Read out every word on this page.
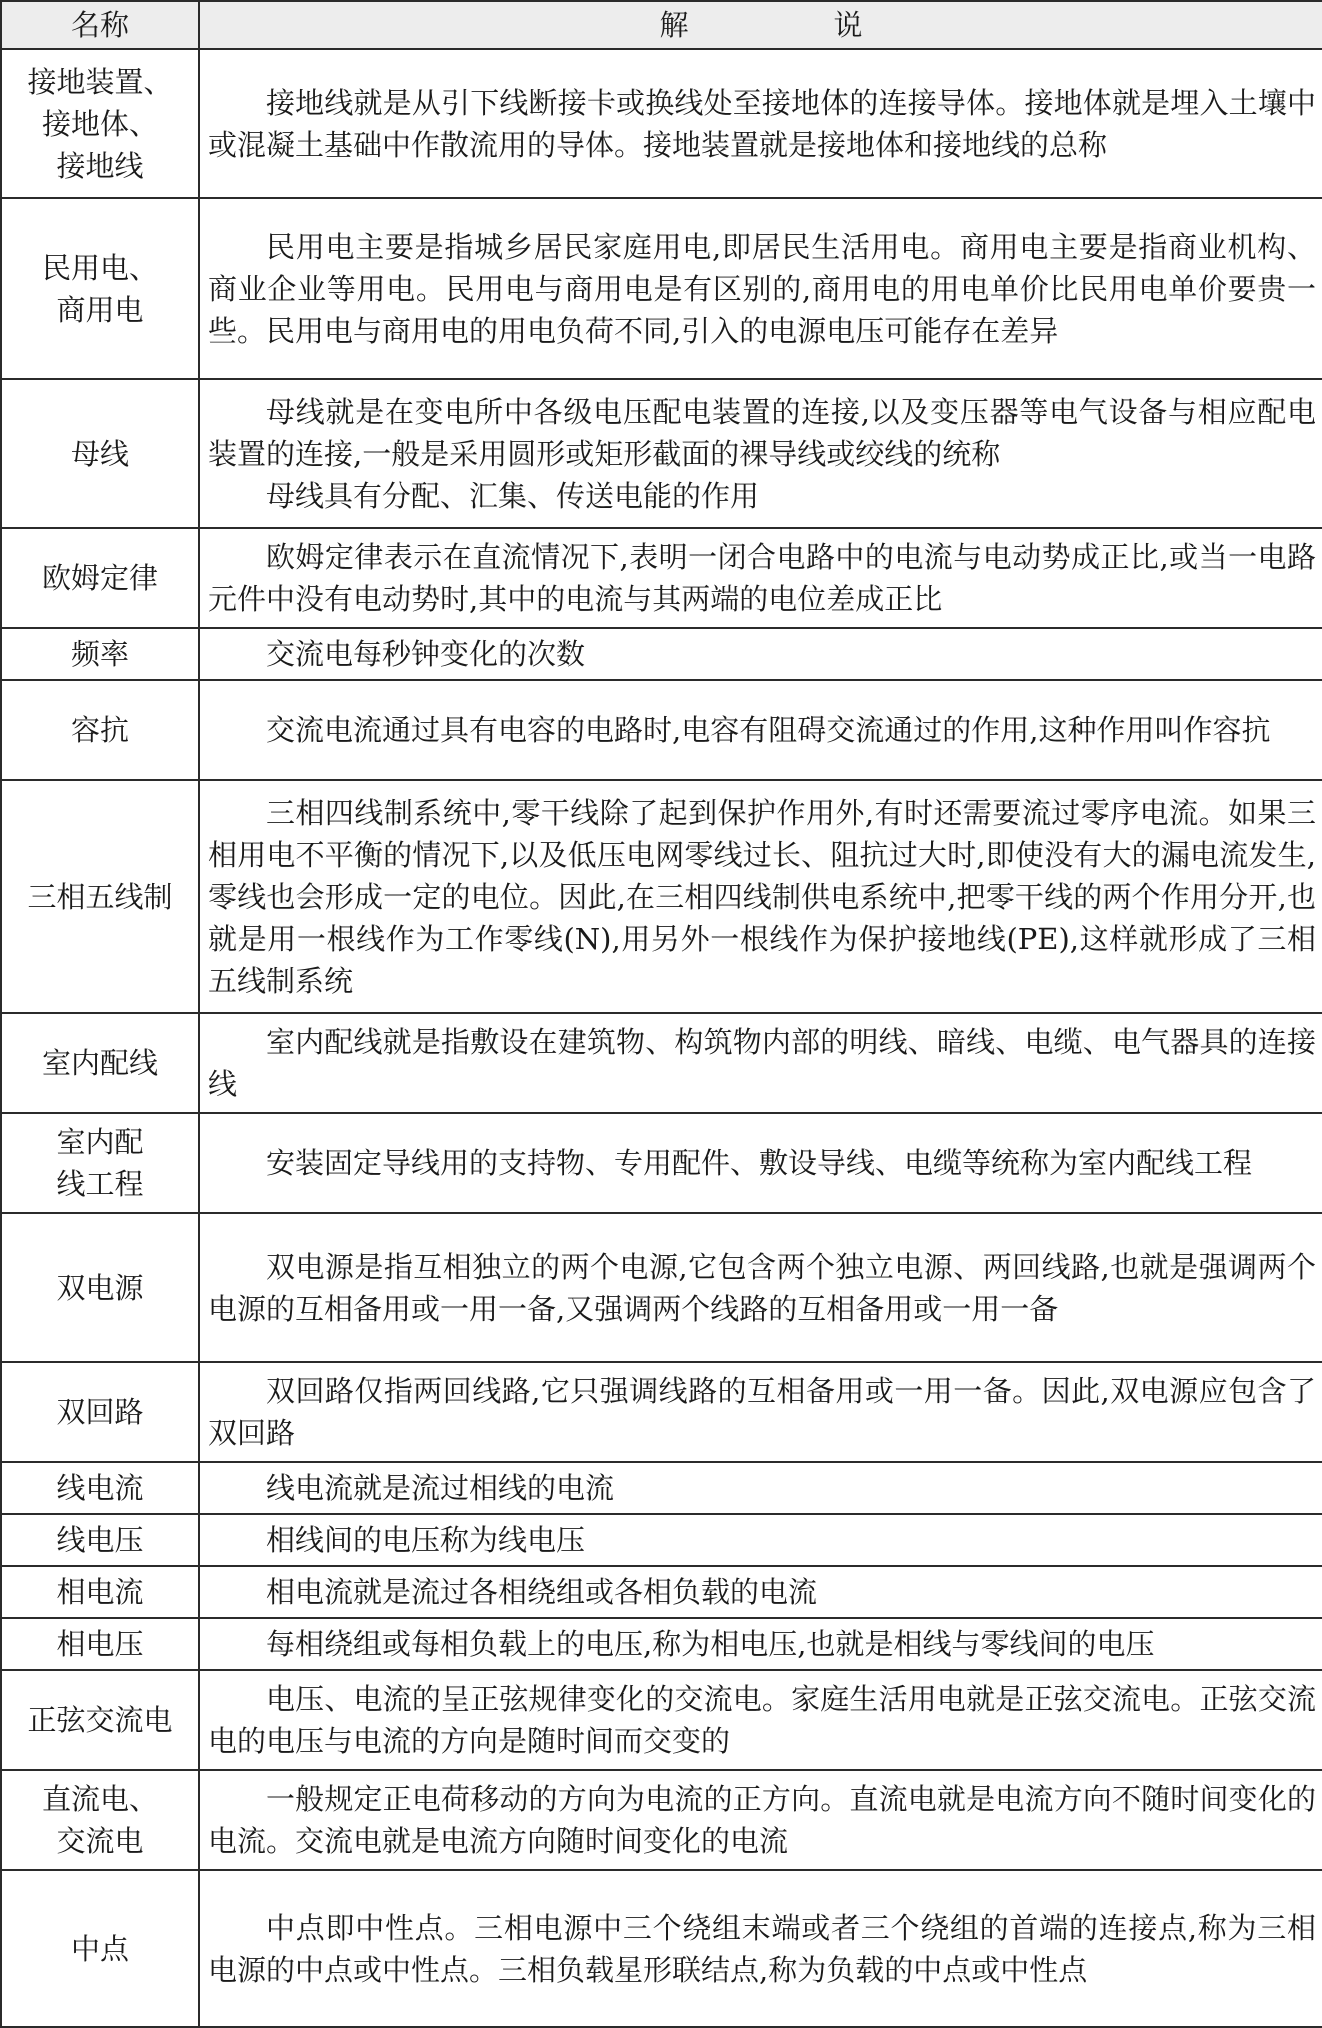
名称	解　说

接地装置、
接地体、
接地线	接地线就是从引下线断接卡或换线处至接地体的连接导体。接地体就是埋入土壤中或混凝土基础中作散流用的导体。接地装置就是接地体和接地线的总称

民用电、
商用电	民用电主要是指城乡居民家庭用电,即居民生活用电。商用电主要是指商业机构、商业企业等用电。民用电与商用电是有区别的,商用电的用电单价比民用电单价要贵一些。民用电与商用电的用电负荷不同,引入的电源电压可能存在差异

母线	母线就是在变电所中各级电压配电装置的连接,以及变压器等电气设备与相应配电装置的连接,一般是采用圆形或矩形截面的裸导线或绞线的统称
母线具有分配、汇集、传送电能的作用

欧姆定律	欧姆定律表示在直流情况下,表明一闭合电路中的电流与电动势成正比,或当一电路元件中没有电动势时,其中的电流与其两端的电位差成正比

频率	交流电每秒钟变化的次数

容抗	交流电流通过具有电容的电路时,电容有阻碍交流通过的作用,这种作用叫作容抗

三相五线制	三相四线制系统中,零干线除了起到保护作用外,有时还需要流过零序电流。如果三相用电不平衡的情况下,以及低压电网零线过长、阻抗过大时,即使没有大的漏电流发生,零线也会形成一定的电位。因此,在三相四线制供电系统中,把零干线的两个作用分开,也就是用一根线作为工作零线(N),用另外一根线作为保护接地线(PE),这样就形成了三相五线制系统

室内配线	室内配线就是指敷设在建筑物、构筑物内部的明线、暗线、电缆、电气器具的连接线

室内配
线工程	安装固定导线用的支持物、专用配件、敷设导线、电缆等统称为室内配线工程

双电源	双电源是指互相独立的两个电源,它包含两个独立电源、两回线路,也就是强调两个电源的互相备用或一用一备,又强调两个线路的互相备用或一用一备

双回路	双回路仅指两回线路,它只强调线路的互相备用或一用一备。因此,双电源应包含了双回路

线电流	线电流就是流过相线的电流

线电压	相线间的电压称为线电压

相电流	相电流就是流过各相绕组或各相负载的电流

相电压	每相绕组或每相负载上的电压,称为相电压,也就是相线与零线间的电压

正弦交流电	电压、电流的呈正弦规律变化的交流电。家庭生活用电就是正弦交流电。正弦交流电的电压与电流的方向是随时间而交变的

直流电、
交流电	一般规定正电荷移动的方向为电流的正方向。直流电就是电流方向不随时间变化的电流。交流电就是电流方向随时间变化的电流

中点	中点即中性点。三相电源中三个绕组末端或者三个绕组的首端的连接点,称为三相电源的中点或中性点。三相负载星形联结点,称为负载的中点或中性点
